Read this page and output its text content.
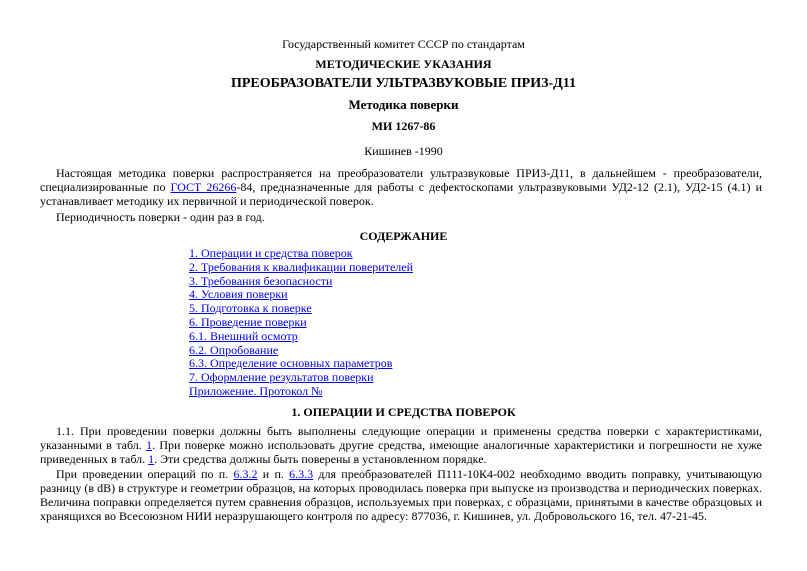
Государственный комитет СССР по стандартам
МЕТОДИЧЕСКИЕ УКАЗАНИЯ
ПРЕОБРАЗОВАТЕЛИ УЛЬТРАЗВУКОВЫЕ ПРИЗ-Д11
Методика поверки
МИ 1267-86
Кишинев -1990

Настоящая методика поверки распространяется на преобразователи ультразвуковые ПРИЗ-Д11, в дальнейшем - преобразователи, специализированные по ГОСТ 26266-84, предназначенные для работы с дефектоскопами ультразвуковыми УД2-12 (2.1), УД2-15 (4.1) и устанавливает методику их первичной и периодической поверок.

Периодичность поверки - один раз в год.

СОДЕРЖАНИЕ
1. Операции и средства поверок
2. Требования к квалификации поверителей
3. Требования безопасности
4. Условия поверки
5. Подготовка к поверке
6. Проведение поверки
6.1. Внешний осмотр
6.2. Опробование
6.3. Определение основных параметров
7. Оформление результатов поверки
Приложение. Протокол №
1. ОПЕРАЦИИ И СРЕДСТВА ПОВЕРОК

1.1. При проведении поверки должны быть выполнены следующие операции и применены средства поверки с характеристиками, указанными в табл. 1. При поверке можно использовать другие средства, имеющие аналогичные характеристики и погрешности не хуже приведенных в табл. 1. Эти средства должны быть поверены в установленном порядке.

При проведении операций по п. 6.3.2 и п. 6.3.3 для преобразователей П111-10К4-002 необходимо вводить поправку, учитывающую разницу (в dB) в структуре и геометрии образцов, на которых проводилась поверка при выпуске из производства и периодических поверках. Величина поправки определяется путем сравнения образцов, используемых при поверках, с образцами, принятыми в качестве образцовых и хранящихся во Всесоюзном НИИ неразрушающего контроля по адресу: 877036, г. Кишинев, ул. Добровольского 16, тел. 47-21-45.
